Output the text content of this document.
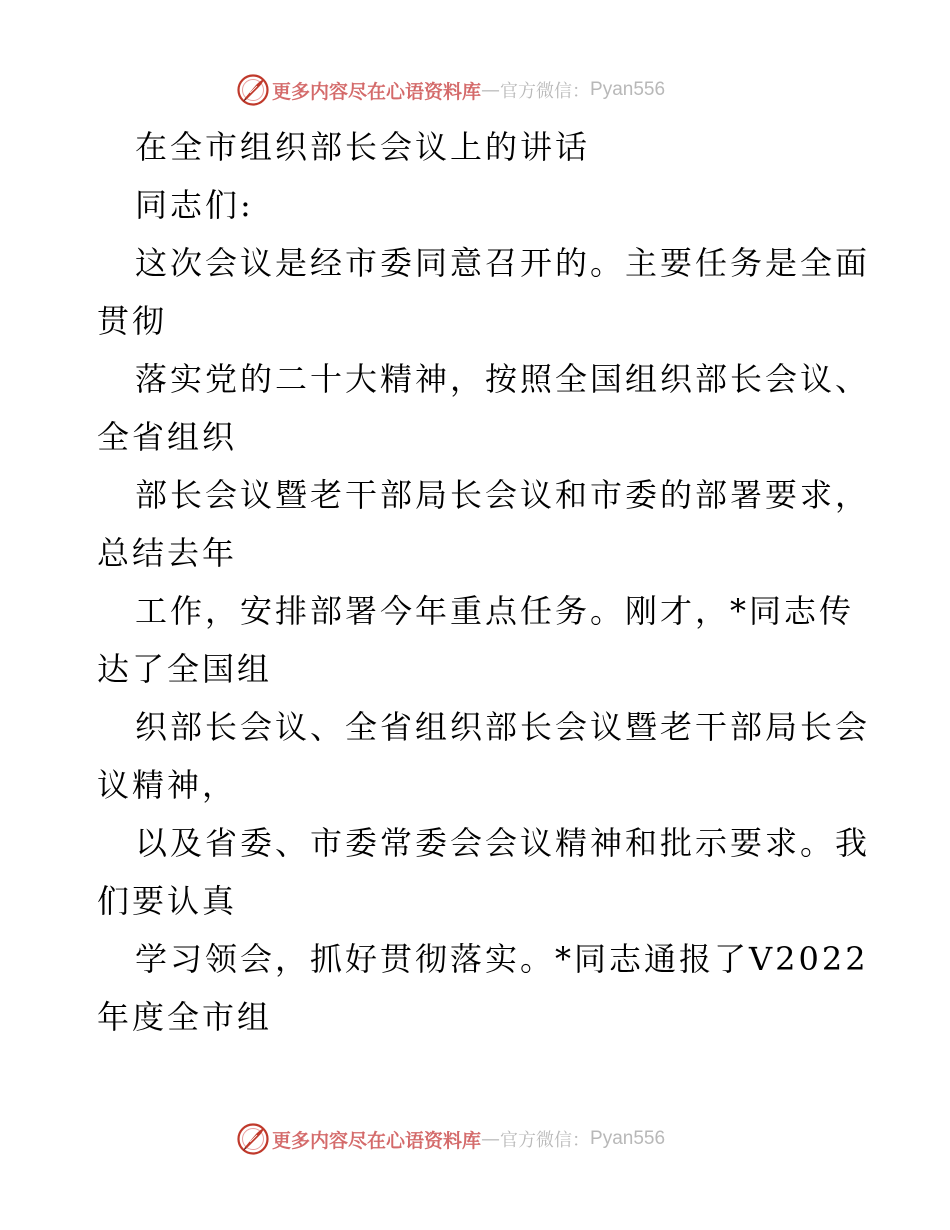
更多内容尽在心语资料库 — 官方微信： Pyan556
在全市组织部长会议上的讲话
同志们:
这次会议是经市委同意召开的。主要任务是全面
贯彻
落实党的二十大精神，按照全国组织部长会议、
全省组织
部长会议暨老干部局长会议和市委的部署要求，
总结去年
工作，安排部署今年重点任务。刚才，*同志传
达了全国组
织部长会议、全省组织部长会议暨老干部局长会
议精神，
以及省委、市委常委会会议精神和批示要求。我
们要认真
学习领会，抓好贯彻落实。*同志通报了V2022
年度全市组
更多内容尽在心语资料库 — 官方微信： Pyan556
